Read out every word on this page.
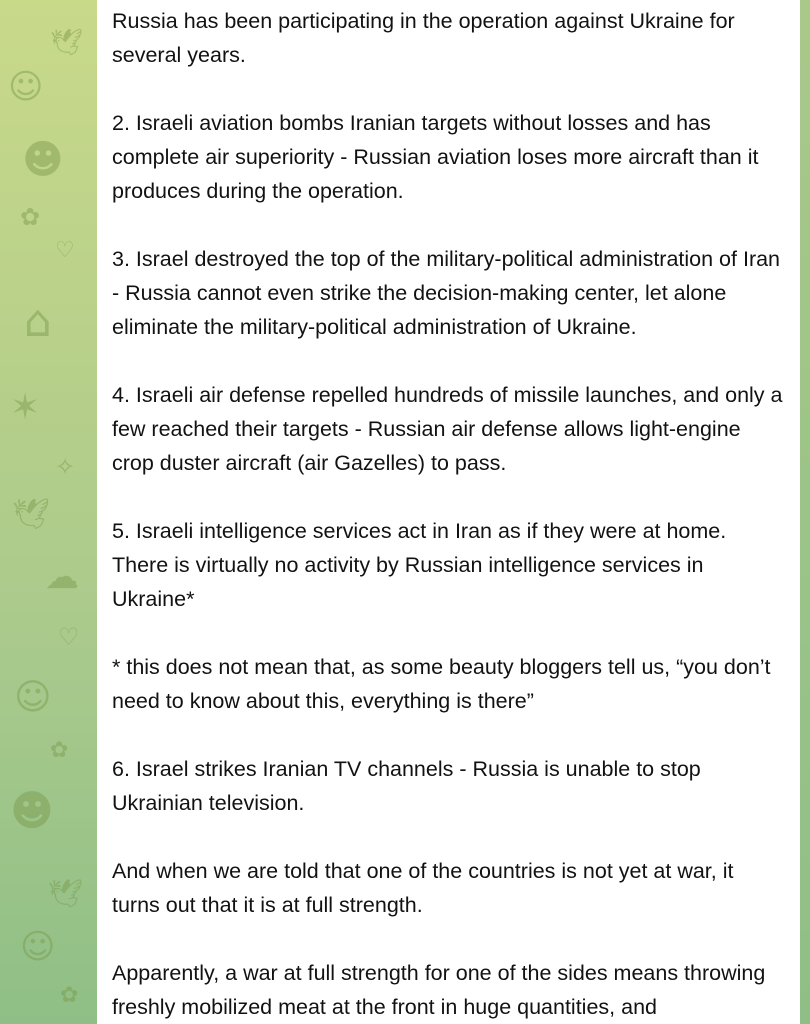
🕊
☺
☻
✿
♡
⌂
✶
✧
🕊
☁
♡
☺
✿
☻
🕊
☺
✿

Russia has been participating in the operation against Ukraine for several years.

2. Israeli aviation bombs Iranian targets without losses and has complete air superiority - Russian aviation loses more aircraft than it produces during the operation.

3. Israel destroyed the top of the military-political administration of Iran - Russia cannot even strike the decision-making center, let alone eliminate the military-political administration of Ukraine.

4. Israeli air defense repelled hundreds of missile launches, and only a few reached their targets - Russian air defense allows light-engine crop duster aircraft (air Gazelles) to pass.

5. Israeli intelligence services act in Iran as if they were at home. There is virtually no activity by Russian intelligence services in Ukraine*

* this does not mean that, as some beauty bloggers tell us, “you don’t need to know about this, everything is there”

6. Israel strikes Iranian TV channels - Russia is unable to stop Ukrainian television.

And when we are told that one of the countries is not yet at war, it turns out that it is at full strength.

Apparently, a war at full strength for one of the sides means throwing freshly mobilized meat at the front in huge quantities, and
